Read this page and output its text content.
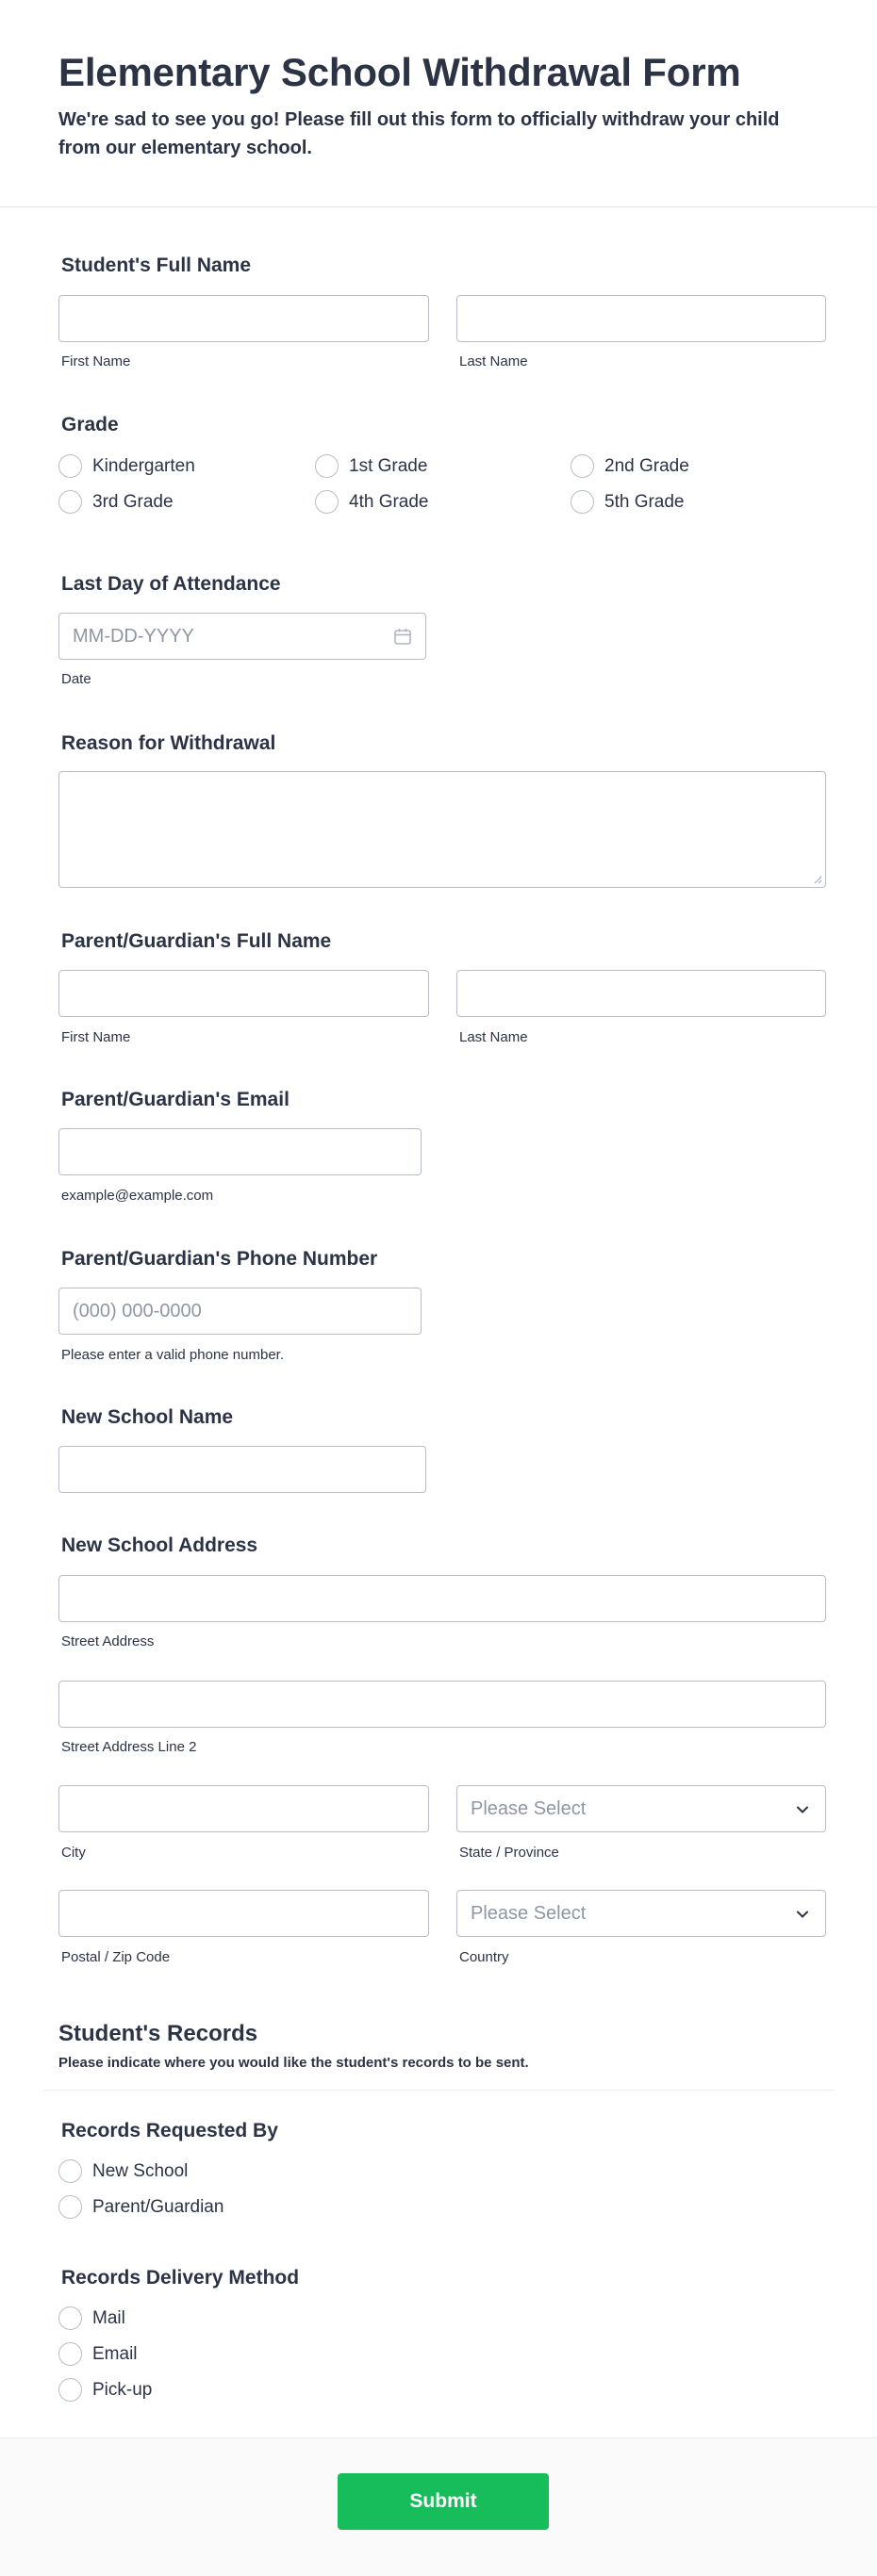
Elementary School Withdrawal Form

We're sad to see you go! Please fill out this form to officially withdraw your child from our elementary school.

Student's Full Name
First Name	Last Name
Grade
Kindergarten	1st Grade	2nd Grade
3rd Grade	4th Grade	5th Grade
Last Day of Attendance
MM-DD-YYYY
Date
Reason for Withdrawal
Parent/Guardian's Full Name
First Name	Last Name
Parent/Guardian's Email
example@example.com
Parent/Guardian's Phone Number
(000) 000-0000
Please enter a valid phone number.
New School Name
New School Address
Street Address
Street Address Line 2
City
Please Select
State / Province
Postal / Zip Code
Please Select
Country
Student's Records
Please indicate where you would like the student's records to be sent.
Records Requested By
New School
Parent/Guardian
Records Delivery Method
Mail
Email
Pick-up
Submit
